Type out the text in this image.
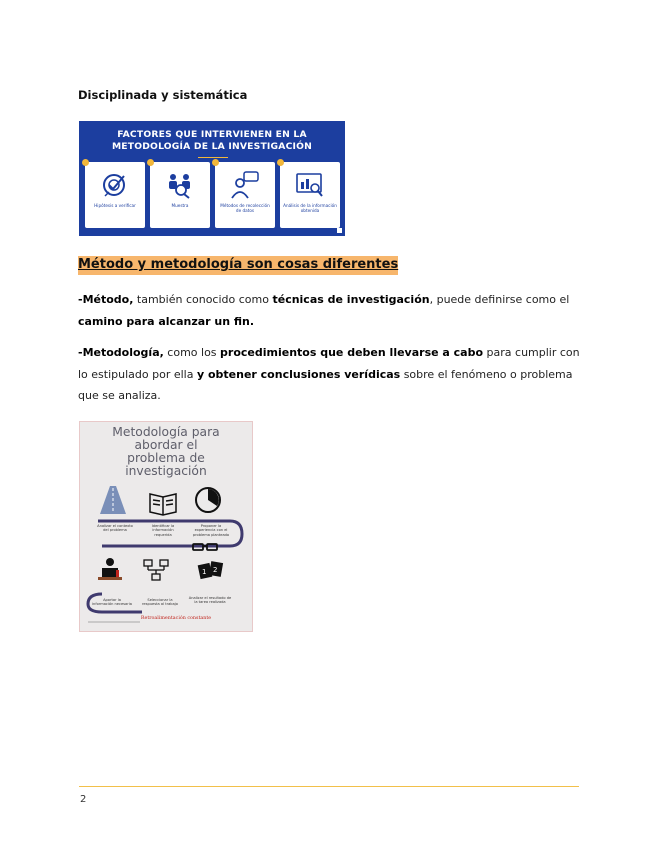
Disciplinada y sistemática
FACTORES QUE INTERVIENEN EN LA
METODOLOGÍA DE LA INVESTIGACIÓN
Hipótesis a verificar	Muestra	Métodos de recolección de datos
Análisis de la información obtenida
Método y metodología son cosas diferentes
-Método, también conocido como técnicas de investigación, puede definirse como el
camino para alcanzar un fin.
-Metodología, como los procedimientos que deben llevarse a cabo para cumplir con lo estipulado por ella y obtener conclusiones verídicas sobre el fenómeno o problema que se analiza.
Metodología para
abordar el
problema de
investigación
1 2
Analizar el contexto del problema
Identificar la información requerida
Proponer la experiencia con el problema planteado
Aportar la información necesaria
Seleccionar la respuesta al trabajo
Analizar el resultado de la tarea realizada
Retroalimentación constante
2
